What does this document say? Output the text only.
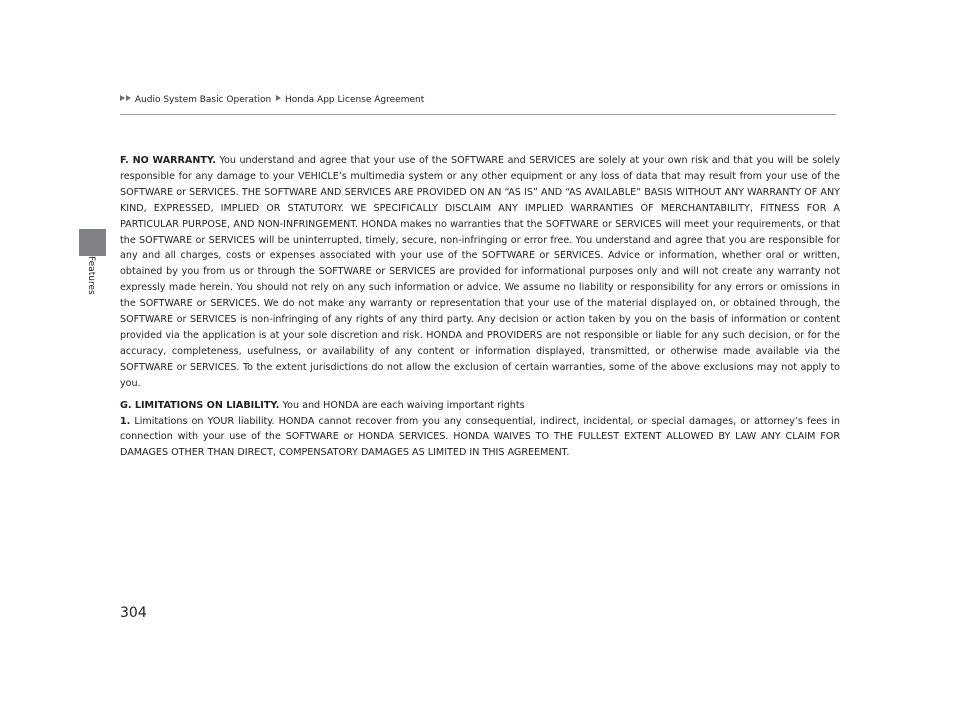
Audio System Basic Operation Honda App License Agreement
Features

F. NO WARRANTY. You understand and agree that your use of the SOFTWARE and SERVICES are solely at your own risk and that you will be solely responsible for any damage to your VEHICLE’s multimedia system or any other equipment or any loss of data that may result from your use of the SOFTWARE or SERVICES. THE SOFTWARE AND SERVICES ARE PROVIDED ON AN “AS IS” AND “AS AVAILABLE” BASIS WITHOUT ANY WARRANTY OF ANY KIND, EXPRESSED, IMPLIED OR STATUTORY. WE SPECIFICALLY DISCLAIM ANY IMPLIED WARRANTIES OF MERCHANTABILITY, FITNESS FOR A PARTICULAR PURPOSE, AND NON-INFRINGEMENT. HONDA makes no warranties that the SOFTWARE or SERVICES will meet your requirements, or that the SOFTWARE or SERVICES will be uninterrupted, timely, secure, non-infringing or error free. You understand and agree that you are responsible for any and all charges, costs or expenses associated with your use of the SOFTWARE or SERVICES. Advice or information, whether oral or written, obtained by you from us or through the SOFTWARE or SERVICES are provided for informational purposes only and will not create any warranty not expressly made herein. You should not rely on any such information or advice. We assume no liability or responsibility for any errors or omissions in the SOFTWARE or SERVICES. We do not make any warranty or representation that your use of the material displayed on, or obtained through, the SOFTWARE or SERVICES is non-infringing of any rights of any third party. Any decision or action taken by you on the basis of information or content provided via the application is at your sole discretion and risk. HONDA and PROVIDERS are not responsible or liable for any such decision, or for the accuracy, completeness, usefulness, or availability of any content or information displayed, transmitted, or otherwise made available via the SOFTWARE or SERVICES. To the extent jurisdictions do not allow the exclusion of certain warranties, some of the above exclusions may not apply to you.

G. LIMITATIONS ON LIABILITY. You and HONDA are each waiving important rights
1. Limitations on YOUR liability. HONDA cannot recover from you any consequential, indirect, incidental, or special damages, or attorney’s fees in connection with your use of the SOFTWARE or HONDA SERVICES. HONDA WAIVES TO THE FULLEST EXTENT ALLOWED BY LAW ANY CLAIM FOR DAMAGES OTHER THAN DIRECT, COMPENSATORY DAMAGES AS LIMITED IN THIS AGREEMENT.

304
